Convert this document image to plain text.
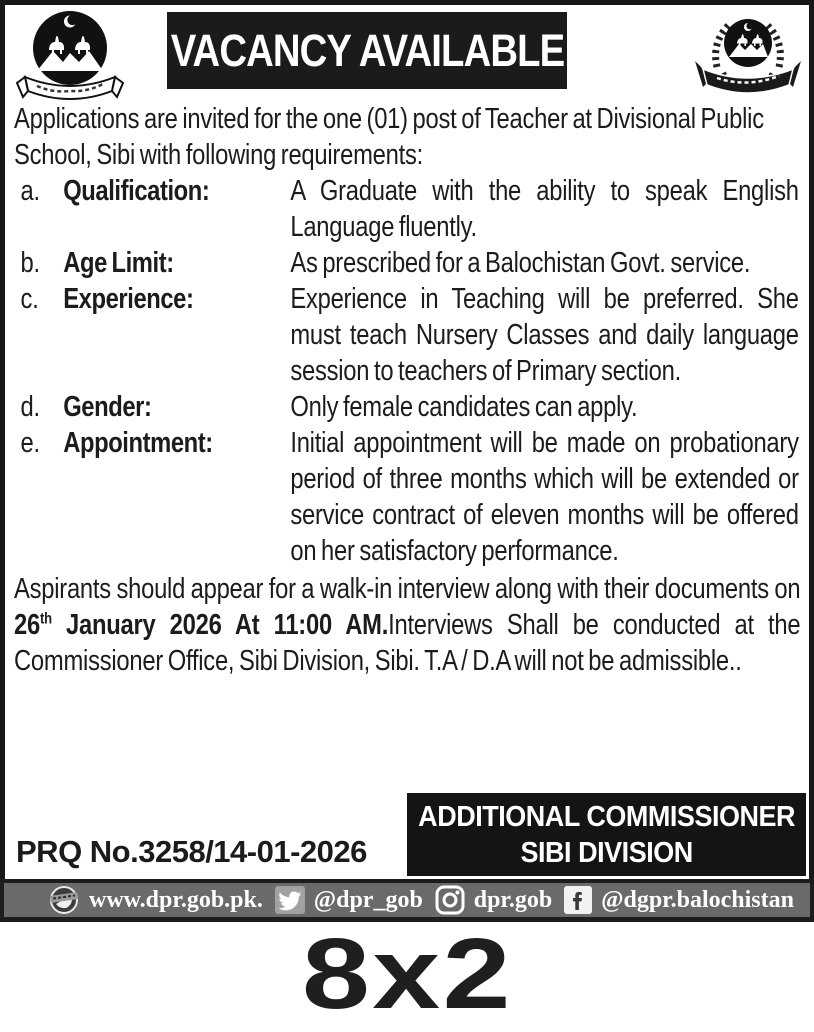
VACANCY AVAILABLE

Applications are invited for the one (01) post of Teacher at Divisional Public School, Sibi with following requirements:

a. Qualification:	A Graduate with the ability to speak English Language fluently.
b. Age Limit:	As prescribed for a Balochistan Govt. service.
c. Experience:	Experience in Teaching will be preferred. She must teach Nursery Classes and daily language session to teachers of Primary section.
d. Gender:	Only female candidates can apply.
e. Appointment:	Initial appointment will be made on probationary period of three months which will be extended or service contract of eleven months will be offered on her satisfactory performance.

Aspirants should appear for a walk-in interview along with their documents on 26th January 2026 At 11:00 AM.Interviews Shall be conducted at the Commissioner Office, Sibi Division, Sibi. T.A / D.A will not be admissible..

PRQ No.3258/14-01-2026
ADDITIONAL COMMISSIONER
SIBI DIVISION
www.dpr.gob.pk. @dpr_gob dpr.gob @dgpr.balochistan
8x2
